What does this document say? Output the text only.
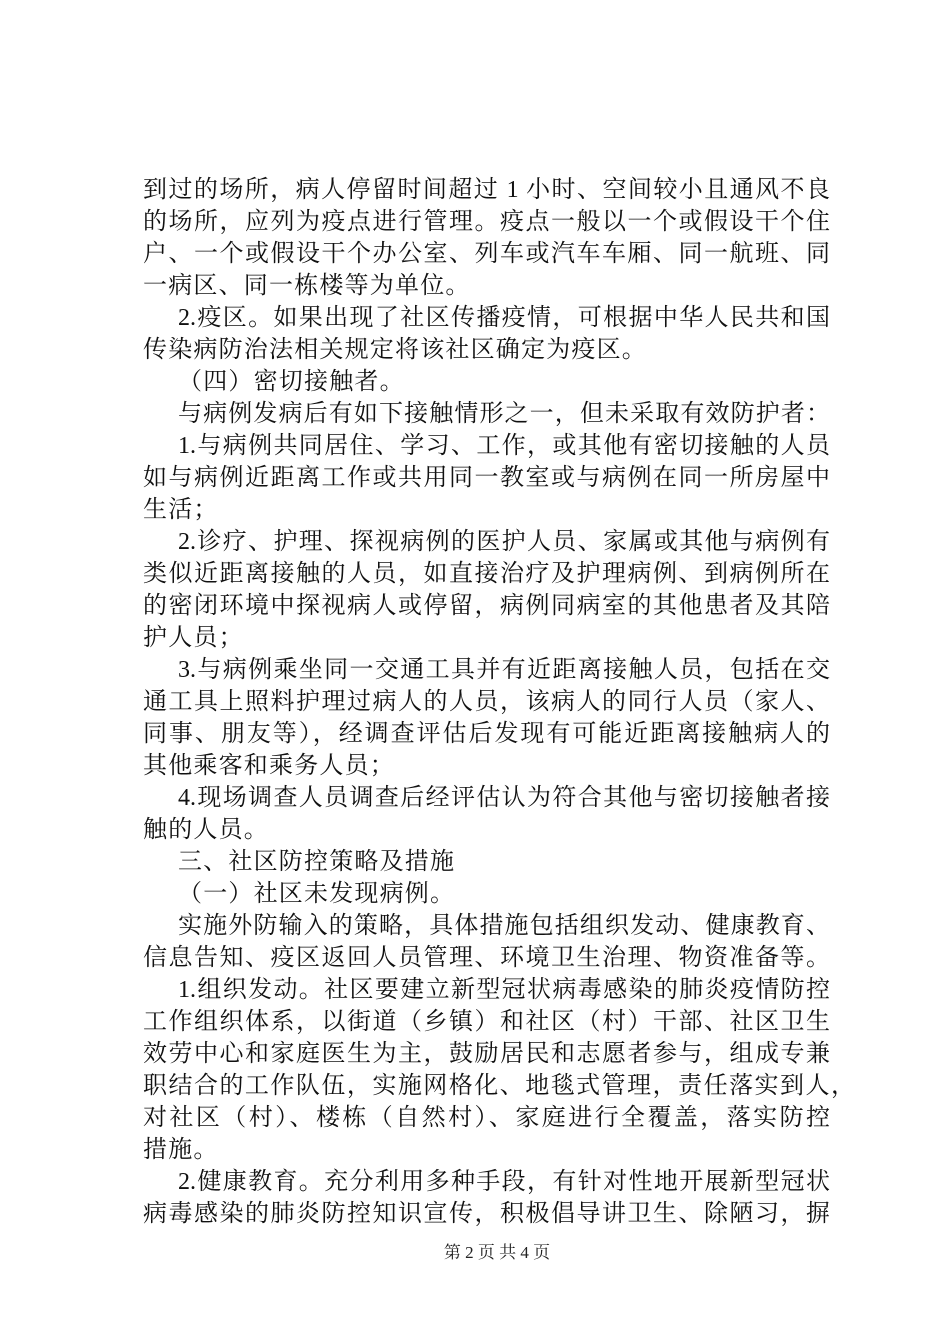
到过的场所，病人停留时间超过 1 小时、空间较小且通风不良
的场所，应列为疫点进行管理。疫点一般以一个或假设干个住
户、一个或假设干个办公室、列车或汽车车厢、同一航班、同
一病区、同一栋楼等为单位。
2.疫区。如果出现了社区传播疫情，可根据中华人民共和国
传染病防治法相关规定将该社区确定为疫区。
（四）密切接触者。
与病例发病后有如下接触情形之一，但未采取有效防护者：
1.与病例共同居住、学习、工作，或其他有密切接触的人员
如与病例近距离工作或共用同一教室或与病例在同一所房屋中
生活；
2.诊疗、护理、探视病例的医护人员、家属或其他与病例有
类似近距离接触的人员，如直接治疗及护理病例、到病例所在
的密闭环境中探视病人或停留，病例同病室的其他患者及其陪
护人员；
3.与病例乘坐同一交通工具并有近距离接触人员，包括在交
通工具上照料护理过病人的人员，该病人的同行人员（家人、
同事、朋友等），经调查评估后发现有可能近距离接触病人的
其他乘客和乘务人员；
4.现场调查人员调查后经评估认为符合其他与密切接触者接
触的人员。
三、社区防控策略及措施
（一）社区未发现病例。
实施外防输入的策略，具体措施包括组织发动、健康教育、
信息告知、疫区返回人员管理、环境卫生治理、物资准备等。
1.组织发动。社区要建立新型冠状病毒感染的肺炎疫情防控
工作组织体系，以街道（乡镇）和社区（村）干部、社区卫生
效劳中心和家庭医生为主，鼓励居民和志愿者参与，组成专兼
职结合的工作队伍，实施网格化、地毯式管理，责任落实到人，
对社区（村）、楼栋（自然村）、家庭进行全覆盖，落实防控
措施。
2.健康教育。充分利用多种手段，有针对性地开展新型冠状
病毒感染的肺炎防控知识宣传，积极倡导讲卫生、除陋习，摒
第 2 页 共 4 页
